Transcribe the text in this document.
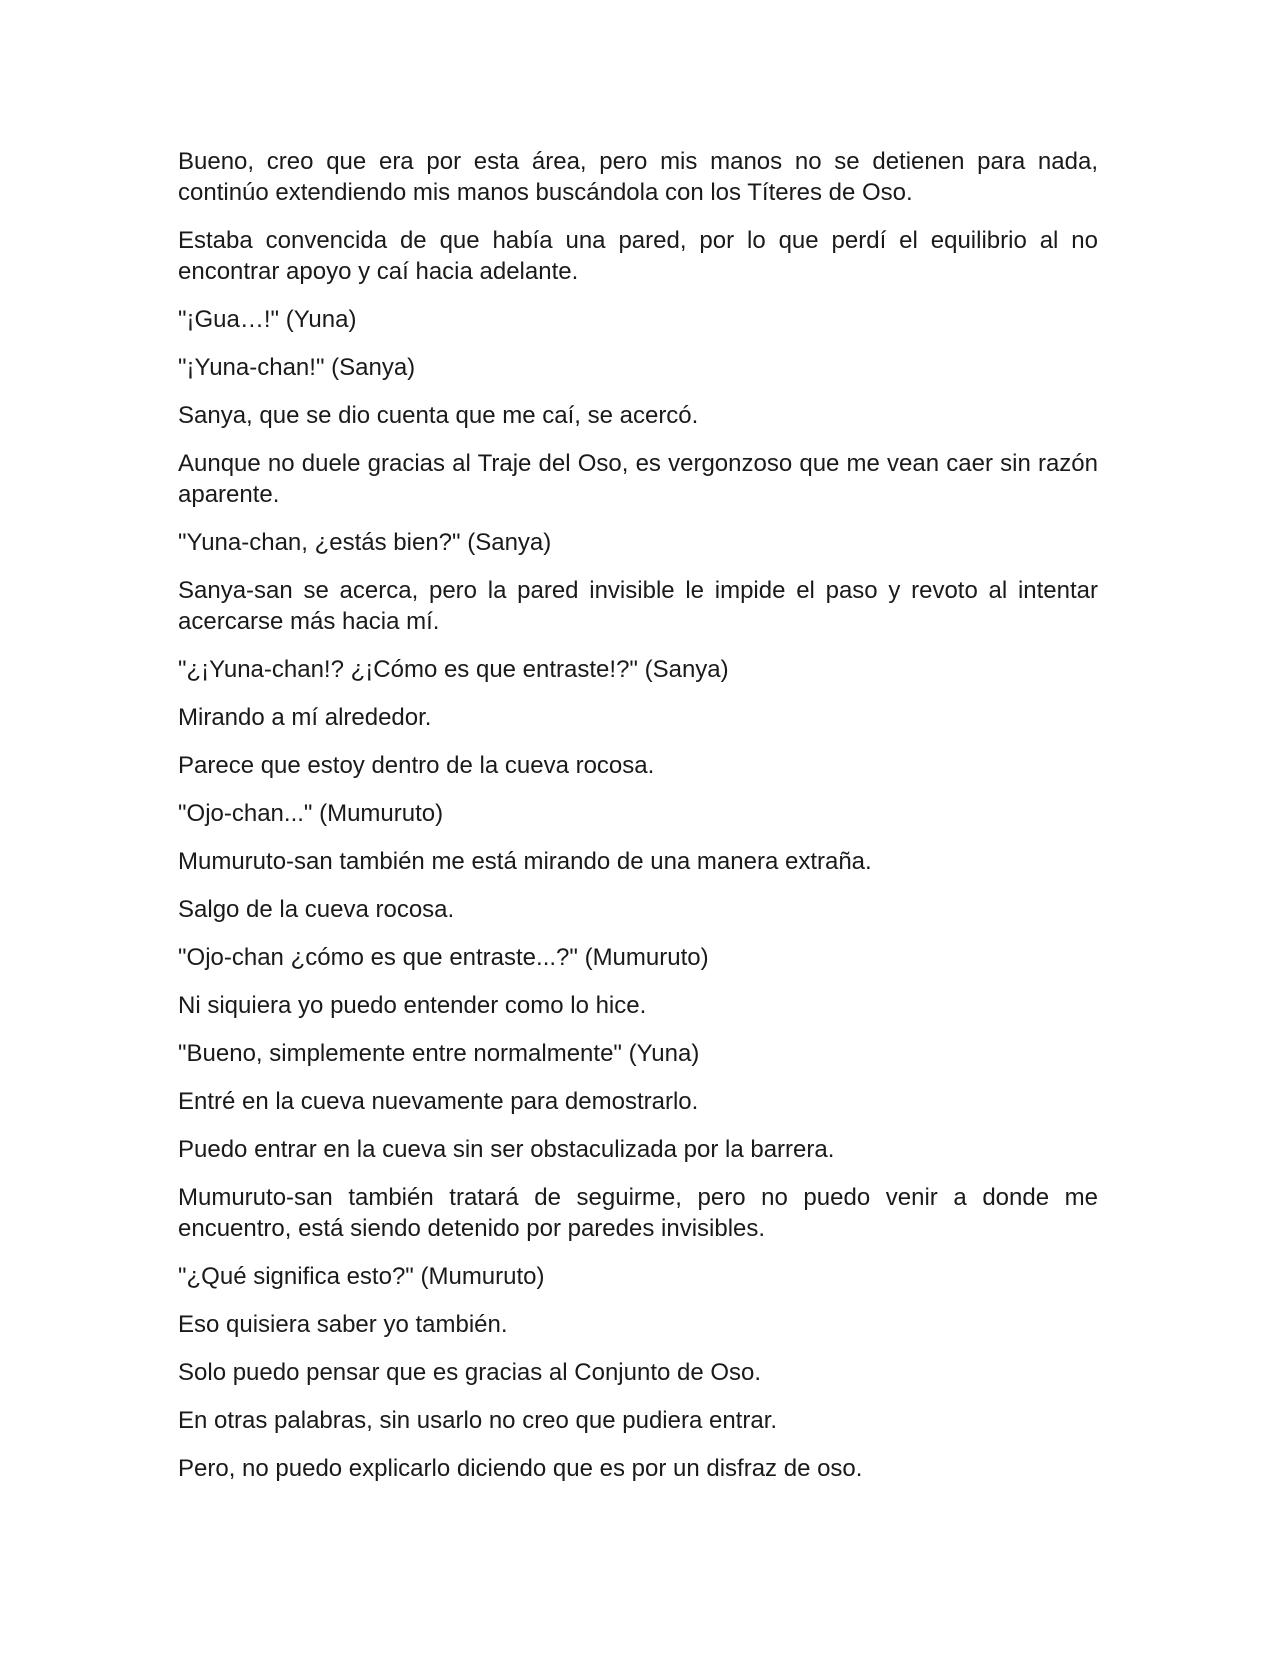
Bueno, creo que era por esta área, pero mis manos no se detienen para nada, continúo extendiendo mis manos buscándola con los Títeres de Oso.

Estaba convencida de que había una pared, por lo que perdí el equilibrio al no encontrar apoyo y caí hacia adelante.

"¡Gua…!" (Yuna)

"¡Yuna-chan!" (Sanya)

Sanya, que se dio cuenta que me caí, se acercó.

Aunque no duele gracias al Traje del Oso, es vergonzoso que me vean caer sin razón aparente.

"Yuna-chan, ¿estás bien?" (Sanya)

Sanya-san se acerca, pero la pared invisible le impide el paso y revoto al intentar acercarse más hacia mí.

"¿¡Yuna-chan!? ¿¡Cómo es que entraste!?" (Sanya)

Mirando a mí alrededor.

Parece que estoy dentro de la cueva rocosa.

"Ojo-chan..." (Mumuruto)

Mumuruto-san también me está mirando de una manera extraña.

Salgo de la cueva rocosa.

"Ojo-chan ¿cómo es que entraste...?" (Mumuruto)

Ni siquiera yo puedo entender como lo hice.

"Bueno, simplemente entre normalmente" (Yuna)

Entré en la cueva nuevamente para demostrarlo.

Puedo entrar en la cueva sin ser obstaculizada por la barrera.

Mumuruto-san también tratará de seguirme, pero no puedo venir a donde me encuentro, está siendo detenido por paredes invisibles.

"¿Qué significa esto?" (Mumuruto)

Eso quisiera saber yo también.

Solo puedo pensar que es gracias al Conjunto de Oso.

En otras palabras, sin usarlo no creo que pudiera entrar.

Pero, no puedo explicarlo diciendo que es por un disfraz de oso.
